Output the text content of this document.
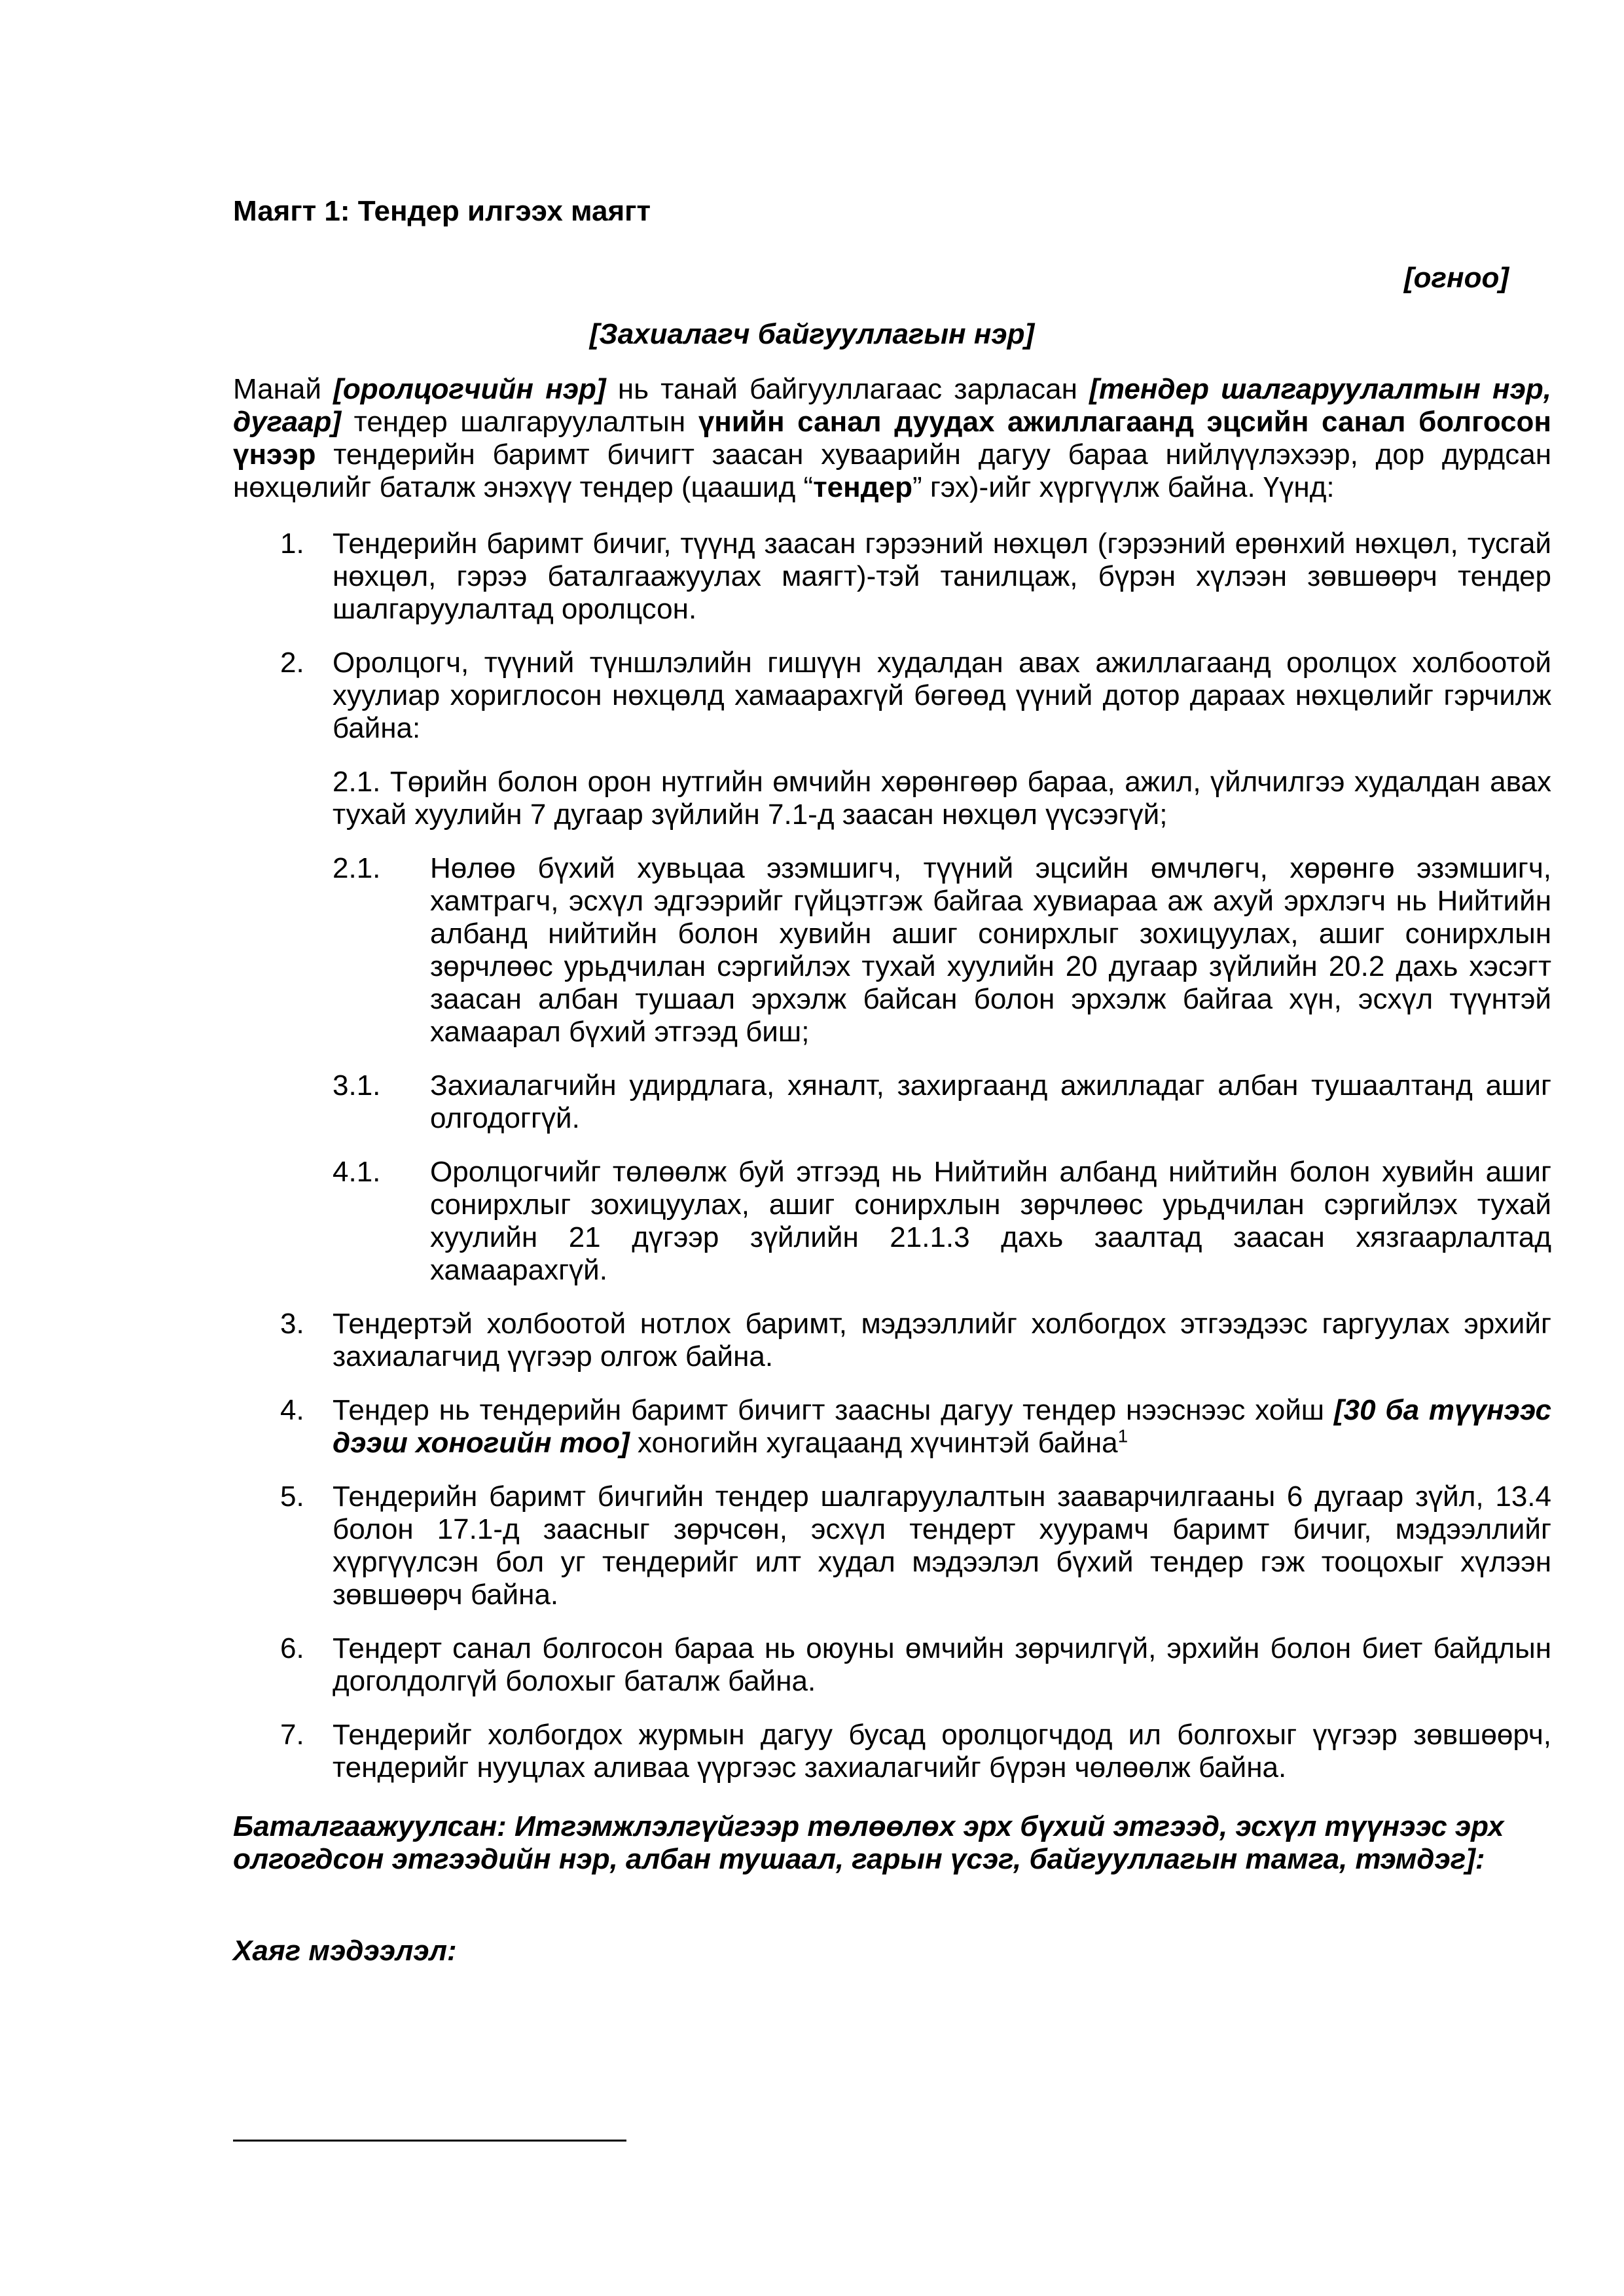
Маягт 1: Тендер илгээх маягт
[огноо]
[Захиалагч байгууллагын нэр]

Манай [оролцогчийн нэр] нь танай байгууллагаас зарласан [тендер шалгаруулалтын нэр, дугаар] тендер шалгаруулалтын үнийн санал дуудах ажиллагаанд эцсийн санал болгосон үнээр тендерийн баримт бичигт заасан хуваарийн дагуу бараа нийлүүлэхээр, дор дурдсан нөхцөлийг баталж энэхүү тендер (цаашид “тендер” гэх)-ийг хүргүүлж байна. Үүнд:

1. Тендерийн баримт бичиг, түүнд заасан гэрээний нөхцөл (гэрээний ерөнхий нөхцөл, тусгай нөхцөл, гэрээ баталгаажуулах маягт)-тэй танилцаж, бүрэн хүлээн зөвшөөрч тендер шалгаруулалтад оролцсон.
2. Оролцогч, түүний түншлэлийн гишүүн худалдан авах ажиллагаанд оролцох холбоотой хуулиар хориглосон нөхцөлд хамаарахгүй бөгөөд үүний дотор дараах нөхцөлийг гэрчилж байна:
2.1. Төрийн болон орон нутгийн өмчийн хөрөнгөөр бараа, ажил, үйлчилгээ худалдан авах тухай хуулийн 7 дугаар зүйлийн 7.1-д заасан нөхцөл үүсээгүй;
2.1. Нөлөө бүхий хувьцаа эзэмшигч, түүний эцсийн өмчлөгч, хөрөнгө эзэмшигч, хамтрагч, эсхүл эдгээрийг гүйцэтгэж байгаа хувиараа аж ахуй эрхлэгч нь Нийтийн албанд нийтийн болон хувийн ашиг сонирхлыг зохицуулах, ашиг сонирхлын зөрчлөөс урьдчилан сэргийлэх тухай хуулийн 20 дугаар зүйлийн 20.2 дахь хэсэгт заасан албан тушаал эрхэлж байсан болон эрхэлж байгаа хүн, эсхүл түүнтэй хамаарал бүхий этгээд биш;
3.1. Захиалагчийн удирдлага, хяналт, захиргаанд ажилладаг албан тушаалтанд ашиг олгодоггүй.
4.1. Оролцогчийг төлөөлж буй этгээд нь Нийтийн албанд нийтийн болон хувийн ашиг сонирхлыг зохицуулах, ашиг сонирхлын зөрчлөөс урьдчилан сэргийлэх тухай хуулийн 21 дүгээр зүйлийн 21.1.3 дахь заалтад заасан хязгаарлалтад хамаарахгүй.
3. Тендертэй холбоотой нотлох баримт, мэдээллийг холбогдох этгээдээс гаргуулах эрхийг захиалагчид үүгээр олгож байна.
4. Тендер нь тендерийн баримт бичигт заасны дагуу тендер нээснээс хойш [30 ба түүнээс дээш хоногийн тоо] хоногийн хугацаанд хүчинтэй байна$^1$
5. Тендерийн баримт бичгийн тендер шалгаруулалтын зааварчилгааны 6 дугаар зүйл, 13.4 болон 17.1-д заасныг зөрчсөн, эсхүл тендерт хуурамч баримт бичиг, мэдээллийг хүргүүлсэн бол уг тендерийг илт худал мэдээлэл бүхий тендер гэж тооцохыг хүлээн зөвшөөрч байна.
6. Тендерт санал болгосон бараа нь оюуны өмчийн зөрчилгүй, эрхийн болон биет байдлын доголдолгүй болохыг баталж байна.
7. Тендерийг холбогдох журмын дагуу бусад оролцогчдод ил болгохыг үүгээр зөвшөөрч, тендерийг нууцлах аливаа үүргээс захиалагчийг бүрэн чөлөөлж байна.

Баталгаажуулсан: Итгэмжлэлгүйгээр төлөөлөх эрх бүхий этгээд, эсхүл түүнээс эрх олгогдсон этгээдийн нэр, албан тушаал, гарын үсэг, байгууллагын тамга, тэмдэг]:

Хаяг мэдээлэл:
